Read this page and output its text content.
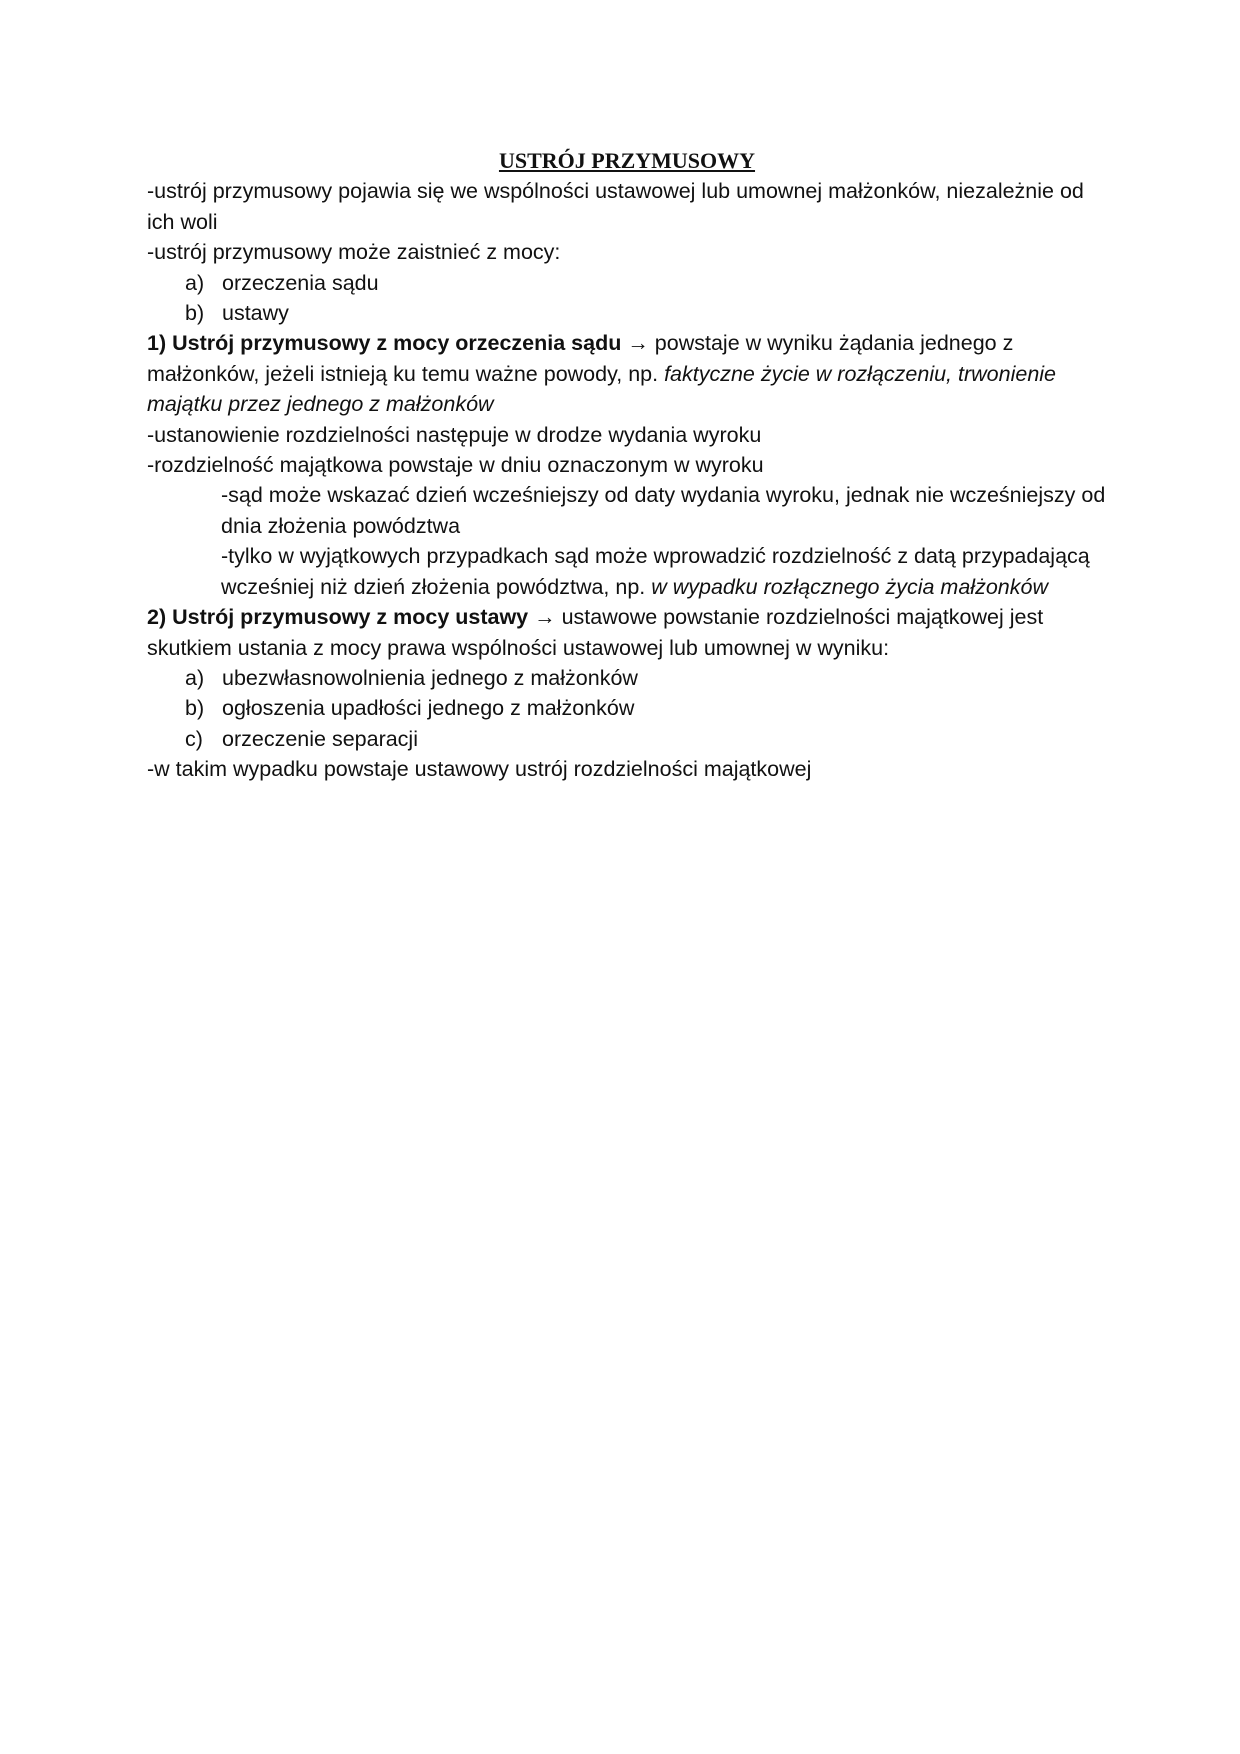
USTRÓJ PRZYMUSOWY

-ustrój przymusowy pojawia się we wspólności ustawowej lub umownej małżonków, niezależnie od ich woli

-ustrój przymusowy może zaistnieć z mocy:

a) orzeczenia sądu
b) ustawy

1) Ustrój przymusowy z mocy orzeczenia sądu → powstaje w wyniku żądania jednego z małżonków, jeżeli istnieją ku temu ważne powody, np. faktyczne życie w rozłączeniu, trwonienie majątku przez jednego z małżonków

-ustanowienie rozdzielności następuje w drodze wydania wyroku

-rozdzielność majątkowa powstaje w dniu oznaczonym w wyroku

-sąd może wskazać dzień wcześniejszy od daty wydania wyroku, jednak nie wcześniejszy od dnia złożenia powództwa

-tylko w wyjątkowych przypadkach sąd może wprowadzić rozdzielność z datą przypadającą wcześniej niż dzień złożenia powództwa, np. w wypadku rozłącznego życia małżonków

2) Ustrój przymusowy z mocy ustawy → ustawowe powstanie rozdzielności majątkowej jest skutkiem ustania z mocy prawa wspólności ustawowej lub umownej w wyniku:

a) ubezwłasnowolnienia jednego z małżonków
b) ogłoszenia upadłości jednego z małżonków
c) orzeczenie separacji

-w takim wypadku powstaje ustawowy ustrój rozdzielności majątkowej
